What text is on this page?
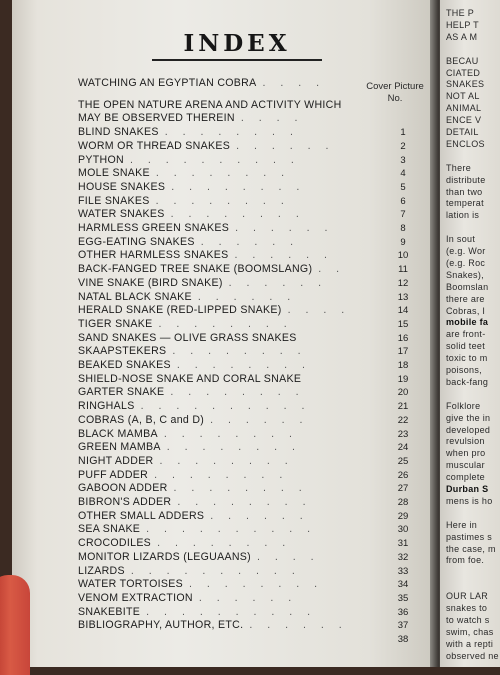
INDEX
Cover Picture
No.
WATCHING AN EGYPTIAN COBRA . . . .
THE OPEN NATURE ARENA AND ACTIVITY WHICH
MAY BE OBSERVED THEREIN . . . .
BLIND SNAKES . . . . . . . .	1
WORM OR THREAD SNAKES . . . . . .	2
PYTHON . . . . . . . . . .	3
MOLE SNAKE . . . . . . . .	4
HOUSE SNAKES . . . . . . . .	5
FILE SNAKES . . . . . . . .	6
WATER SNAKES . . . . . . . .	7
HARMLESS GREEN SNAKES . . . . . .	8
EGG-EATING SNAKES . . . . . .	9
OTHER HARMLESS SNAKES . . . . . .	10
BACK-FANGED TREE SNAKE (BOOMSLANG) . .	11
VINE SNAKE (BIRD SNAKE) . . . . . .	12
NATAL BLACK SNAKE . . . . . .	13
HERALD SNAKE (RED-LIPPED SNAKE) . . . .	14
TIGER SNAKE . . . . . . . .	15
SAND SNAKES — OLIVE GRASS SNAKES	16
SKAAPSTEKERS . . . . . . . .	17
BEAKED SNAKES . . . . . . . .	18
SHIELD-NOSE SNAKE AND CORAL SNAKE	19
GARTER SNAKE . . . . . . . .	20
RINGHALS . . . . . . . . . .	21
COBRAS (A, B, C and D) . . . . . .	22
BLACK MAMBA . . . . . . . .	23
GREEN MAMBA . . . . . . . .	24
NIGHT ADDER . . . . . . . .	25
PUFF ADDER . . . . . . . .	26
GABOON ADDER . . . . . . . .	27
BIBRON'S ADDER . . . . . . . .	28
OTHER SMALL ADDERS . . . . . .	29
SEA SNAKE . . . . . . . . . .	30
CROCODILES . . . . . . . .	31
MONITOR LIZARDS (LEGUAANS) . . . .	32
LIZARDS . . . . . . . . . .	33
WATER TORTOISES . . . . . . . .	34
VENOM EXTRACTION . . . . . .	35
SNAKEBITE . . . . . . . . . .	36
BIBLIOGRAPHY, AUTHOR, ETC. . . . . . .	37
38
THE P
HELP T
AS A M
BECAU
CIATED
SNAKES
NOT AL
ANIMAL
ENCE V
DETAIL
ENCLOS
There
distribute
than two
temperat
lation is
In sout
(e.g. Wor
(e.g. Roc
Snakes),
Boomslan
there are
Cobras, I
mobile fa
are front-
solid teet
toxic to m
poisons,
back-fang
Folklore
give the in
developed
revulsion
when pro
muscular
complete
Durban S
mens is ho
Here in
pastimes s
the case, m
from foe.
OUR LAR
snakes to
to watch s
swim, chas
with a repti
observed ne
